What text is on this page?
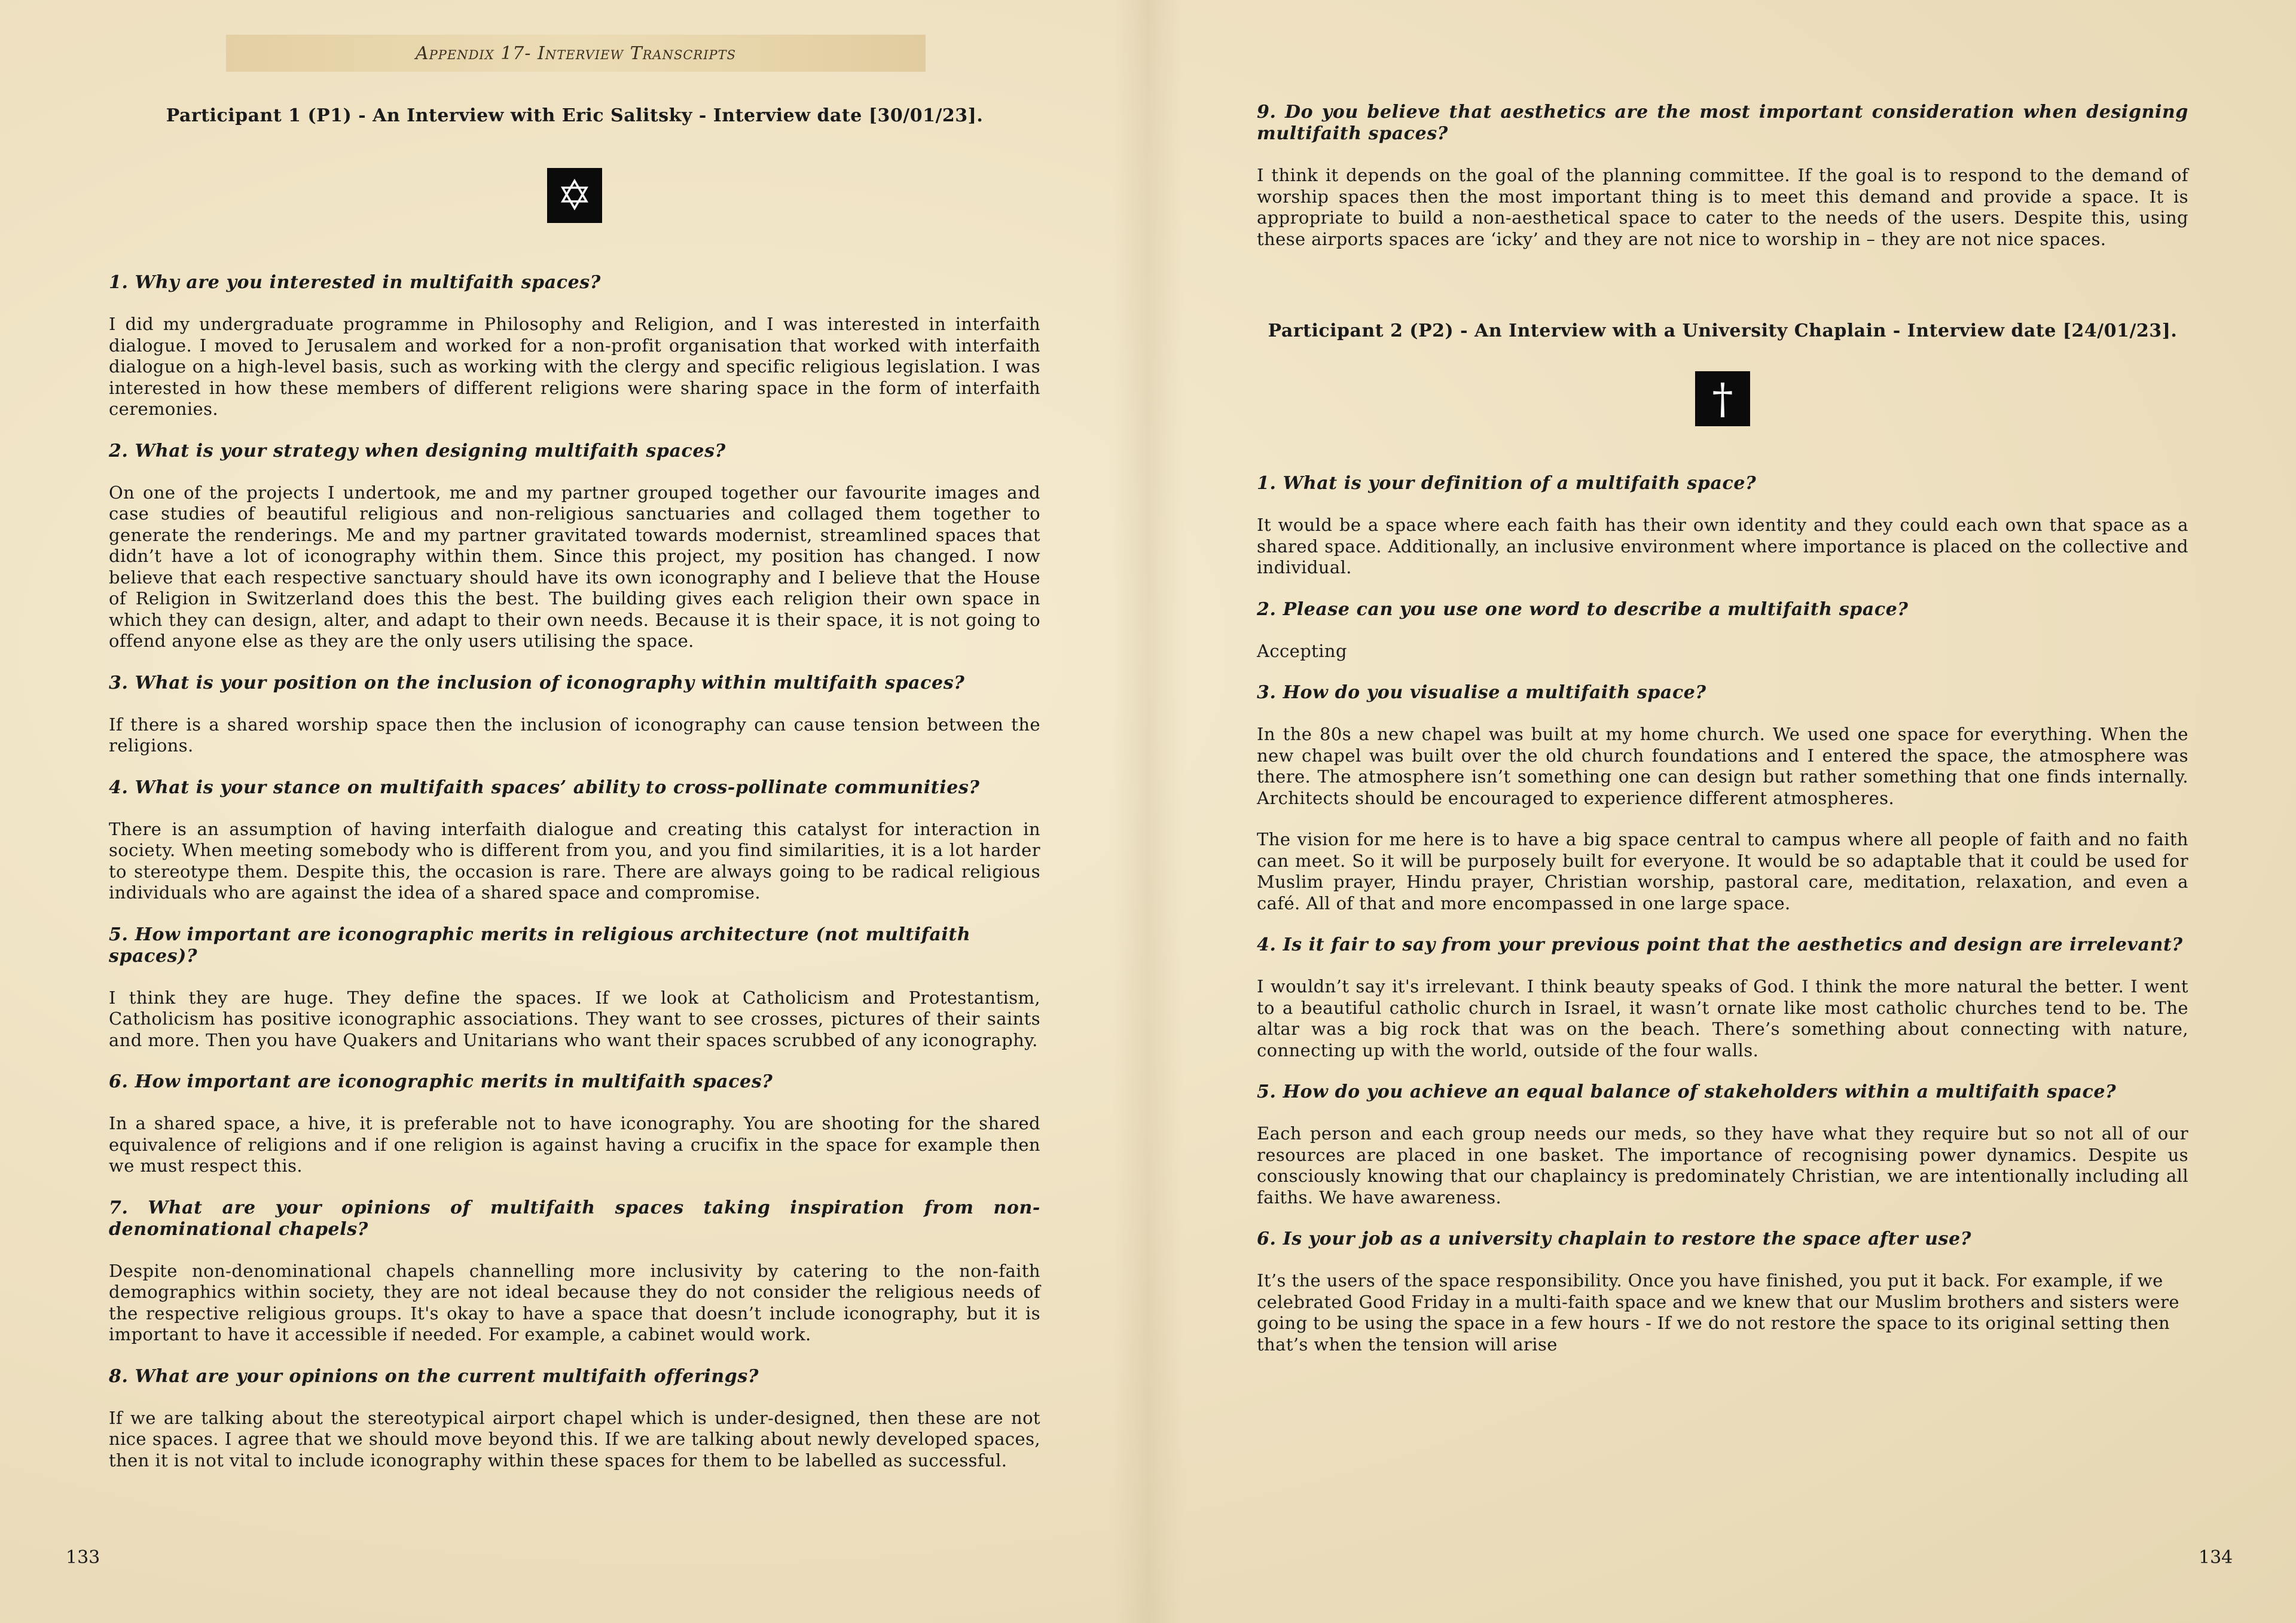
Appendix 17- Interview Transcripts

Participant 1 (P1) - An Interview with Eric Salitsky - Interview date [30/01/23].

✡

1. Why are you interested in multifaith spaces?

I did my undergraduate programme in Philosophy and Religion, and I was interested in interfaith dialogue. I moved to Jerusalem and worked for a non-profit organisation that worked with interfaith dialogue on a high-level basis, such as working with the clergy and specific religious legislation. I was interested in how these members of different religions were sharing space in the form of interfaith ceremonies.

2. What is your strategy when designing multifaith spaces?

On one of the projects I undertook, me and my partner grouped together our favourite images and case studies of beautiful religious and non-religious sanctuaries and collaged them together to generate the renderings. Me and my partner gravitated towards modernist, streamlined spaces that didn’t have a lot of iconography within them. Since this project, my position has changed. I now believe that each respective sanctuary should have its own iconography and I believe that the House of Religion in Switzerland does this the best. The building gives each religion their own space in which they can design, alter, and adapt to their own needs. Because it is their space, it is not going to offend anyone else as they are the only users utilising the space.

3. What is your position on the inclusion of iconography within multifaith spaces?

If there is a shared worship space then the inclusion of iconography can cause tension between the religions.

4. What is your stance on multifaith spaces’ ability to cross-pollinate communities?

There is an assumption of having interfaith dialogue and creating this catalyst for interaction in society. When meeting somebody who is different from you, and you find similarities, it is a lot harder to stereotype them. Despite this, the occasion is rare. There are always going to be radical religious individuals who are against the idea of a shared space and compromise.

5. How important are iconographic merits in religious architecture (not multifaith spaces)?

I think they are huge. They define the spaces. If we look at Catholicism and Protestantism, Catholicism has positive iconographic associations. They want to see crosses, pictures of their saints and more. Then you have Quakers and Unitarians who want their spaces scrubbed of any iconography.

6. How important are iconographic merits in multifaith spaces?

In a shared space, a hive, it is preferable not to have iconography. You are shooting for the shared equivalence of religions and if one religion is against having a crucifix in the space for example then we must respect this.

7. What are your opinions of multifaith spaces taking inspiration from non-denominational chapels?

Despite non-denominational chapels channelling more inclusivity by catering to the non-faith demographics within society, they are not ideal because they do not consider the religious needs of the respective religious groups. It's okay to have a space that doesn’t include iconography, but it is important to have it accessible if needed. For example, a cabinet would work.

8. What are your opinions on the current multifaith offerings?

If we are talking about the stereotypical airport chapel which is under-designed, then these are not nice spaces. I agree that we should move beyond this. If we are talking about newly developed spaces, then it is not vital to include iconography within these spaces for them to be labelled as successful.

133

9. Do you believe that aesthetics are the most important consideration when designing multifaith spaces?

I think it depends on the goal of the planning committee. If the goal is to respond to the demand of worship spaces then the most important thing is to meet this demand and provide a space. It is appropriate to build a non-aesthetical space to cater to the needs of the users. Despite this, using these airports spaces are ‘icky’ and they are not nice to worship in – they are not nice spaces.

Participant 2 (P2) - An Interview with a University Chaplain - Interview date [24/01/23].

†

1. What is your definition of a multifaith space?

It would be a space where each faith has their own identity and they could each own that space as a shared space. Additionally, an inclusive environment where importance is placed on the collective and individual.

2. Please can you use one word to describe a multifaith space?

Accepting

3. How do you visualise a multifaith space?

In the 80s a new chapel was built at my home church. We used one space for everything. When the new chapel was built over the old church foundations and I entered the space, the atmosphere was there. The atmosphere isn’t something one can design but rather something that one finds internally. Architects should be encouraged to experience different atmospheres.

The vision for me here is to have a big space central to campus where all people of faith and no faith can meet. So it will be purposely built for everyone. It would be so adaptable that it could be used for Muslim prayer, Hindu prayer, Christian worship, pastoral care, meditation, relaxation, and even a café. All of that and more encompassed in one large space.

4. Is it fair to say from your previous point that the aesthetics and design are irrelevant?

I wouldn’t say it's irrelevant. I think beauty speaks of God. I think the more natural the better. I went to a beautiful catholic church in Israel, it wasn’t ornate like most catholic churches tend to be. The altar was a big rock that was on the beach. There’s something about connecting with nature, connecting up with the world, outside of the four walls.

5. How do you achieve an equal balance of stakeholders within a multifaith space?

Each person and each group needs our meds, so they have what they require but so not all of our resources are placed in one basket. The importance of recognising power dynamics. Despite us consciously knowing that our chaplaincy is predominately Christian, we are intentionally including all faiths. We have awareness.

6. Is your job as a university chaplain to restore the space after use?

It’s the users of the space responsibility. Once you have finished, you put it back. For example, if we celebrated Good Friday in a multi-faith space and we knew that our Muslim brothers and sisters were going to be using the space in a few hours - If we do not restore the space to its original setting then that’s when the tension will arise

134
